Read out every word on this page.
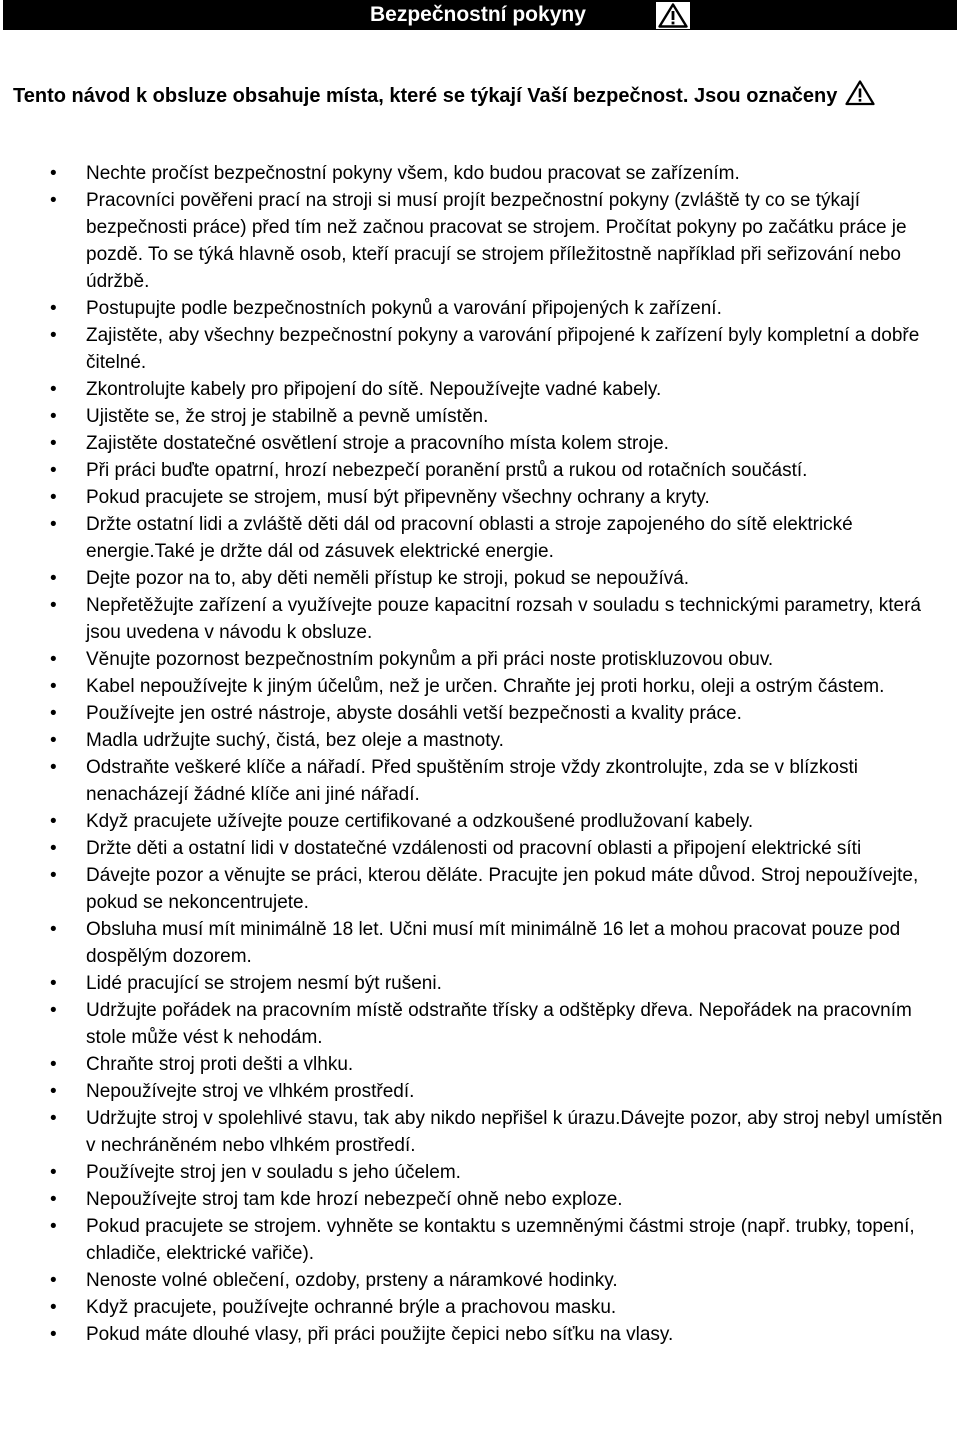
Bezpečnostní pokyny
Tento návod k obsluze obsahuje místa, které se týkají Vaší bezpečnost. Jsou označeny
• Nechte pročíst bezpečnostní pokyny všem, kdo budou pracovat se zařízením.
• Pracovníci pověřeni prací na stroji si musí projít bezpečnostní pokyny (zvláště ty co se týkají bezpečnosti práce) před tím než začnou pracovat se strojem. Pročítat pokyny po začátku práce je pozdě. To se týká hlavně osob, kteří pracují se strojem příležitostně například při seřizování nebo údržbě.
• Postupujte podle bezpečnostních pokynů a varování připojených k zařízení.
• Zajistěte, aby všechny bezpečnostní pokyny a varování připojené k zařízení byly kompletní a dobře čitelné.
• Zkontrolujte kabely pro připojení do sítě. Nepoužívejte vadné kabely.
• Ujistěte se, že stroj je stabilně a pevně umístěn.
• Zajistěte dostatečné osvětlení stroje a pracovního místa kolem stroje.
• Při práci buďte opatrní, hrozí nebezpečí poranění prstů a rukou od rotačních součástí.
• Pokud pracujete se strojem, musí být připevněny všechny ochrany a kryty.
• Držte ostatní lidi a zvláště děti dál od pracovní oblasti a stroje zapojeného do sítě elektrické energie.Také je držte dál od zásuvek elektrické energie.
• Dejte pozor na to, aby děti neměli přístup ke stroji, pokud se nepoužívá.
• Nepřetěžujte zařízení a využívejte pouze kapacitní rozsah v souladu s technickými parametry, která jsou uvedena v návodu k obsluze.
• Věnujte pozornost bezpečnostním pokynům a při práci noste protiskluzovou obuv.
• Kabel nepoužívejte k jiným účelům, než je určen. Chraňte jej proti horku, oleji a ostrým částem.
• Používejte jen ostré nástroje, abyste dosáhli vetší bezpečnosti a kvality práce.
• Madla udržujte suchý, čistá, bez oleje a mastnoty.
• Odstraňte veškeré klíče a nářadí. Před spuštěním stroje vždy zkontrolujte, zda se v blízkosti nenacházejí žádné klíče ani jiné nářadí.
• Když pracujete užívejte pouze certifikované a odzkoušené prodlužovaní kabely.
• Držte děti a ostatní lidi v dostatečné vzdálenosti od pracovní oblasti a připojení elektrické síti
• Dávejte pozor a věnujte se práci, kterou děláte. Pracujte jen pokud máte důvod. Stroj nepoužívejte, pokud se nekoncentrujete.
• Obsluha musí mít minimálně 18 let. Učni musí mít minimálně 16 let a mohou pracovat pouze pod dospělým dozorem.
• Lidé pracující se strojem nesmí být rušeni.
• Udržujte pořádek na pracovním místě odstraňte třísky a odštěpky dřeva. Nepořádek na pracovním stole může vést k nehodám.
• Chraňte stroj proti dešti a vlhku.
• Nepoužívejte stroj ve vlhkém prostředí.
• Udržujte stroj v spolehlivé stavu, tak aby nikdo nepřišel k úrazu.Dávejte pozor, aby stroj nebyl umístěn v nechráněném nebo vlhkém prostředí.
• Používejte stroj jen v souladu s jeho účelem.
• Nepoužívejte stroj tam kde hrozí nebezpečí ohně nebo exploze.
• Pokud pracujete se strojem. vyhněte se kontaktu s uzemněnými částmi stroje (např. trubky, topení, chladiče, elektrické vařiče).
• Nenoste volné oblečení, ozdoby, prsteny a náramkové hodinky.
• Když pracujete, používejte ochranné brýle a prachovou masku.
• Pokud máte dlouhé vlasy, při práci použijte čepici nebo síťku na vlasy.
